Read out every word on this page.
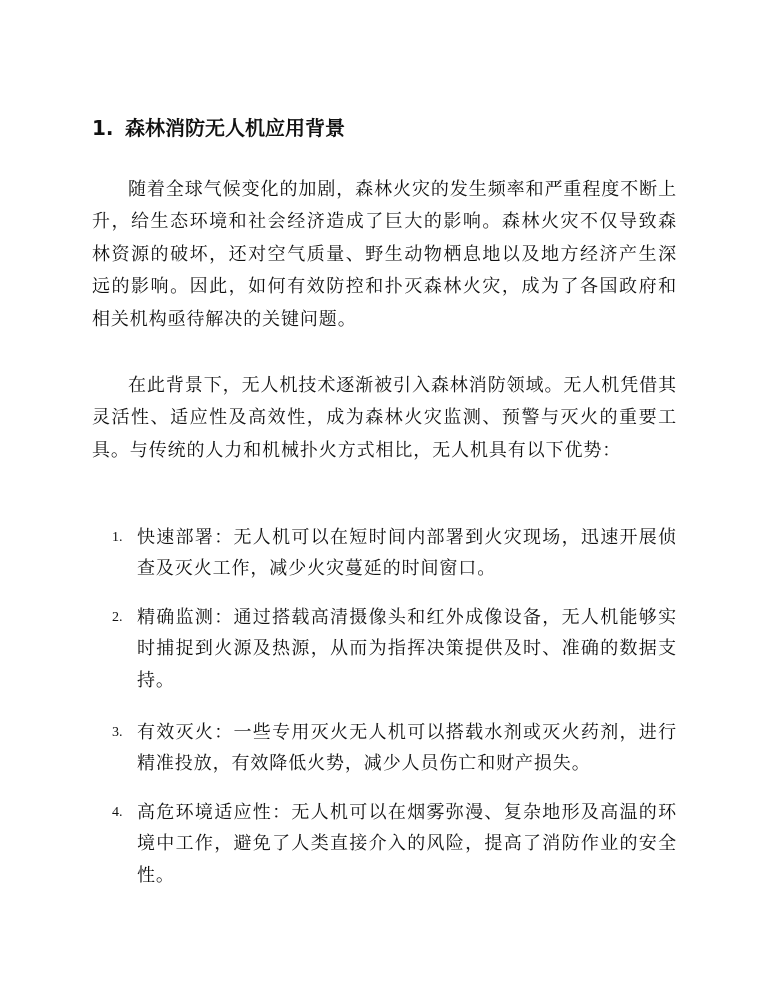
1. 森林消防无人机应用背景

随着全球气候变化的加剧，森林火灾的发生频率和严重程度不断上升，给生态环境和社会经济造成了巨大的影响。森林火灾不仅导致森林资源的破坏，还对空气质量、野生动物栖息地以及地方经济产生深远的影响。因此，如何有效防控和扑灭森林火灾，成为了各国政府和相关机构亟待解决的关键问题。

在此背景下，无人机技术逐渐被引入森林消防领域。无人机凭借其灵活性、适应性及高效性，成为森林火灾监测、预警与灭火的重要工具。与传统的人力和机械扑火方式相比，无人机具有以下优势：

1. 快速部署：无人机可以在短时间内部署到火灾现场，迅速开展侦查及灭火工作，减少火灾蔓延的时间窗口。
2. 精确监测：通过搭载高清摄像头和红外成像设备，无人机能够实时捕捉到火源及热源，从而为指挥决策提供及时、准确的数据支持。
3. 有效灭火：一些专用灭火无人机可以搭载水剂或灭火药剂，进行精准投放，有效降低火势，减少人员伤亡和财产损失。
4. 高危环境适应性：无人机可以在烟雾弥漫、复杂地形及高温的环境中工作，避免了人类直接介入的风险，提高了消防作业的安全性。
